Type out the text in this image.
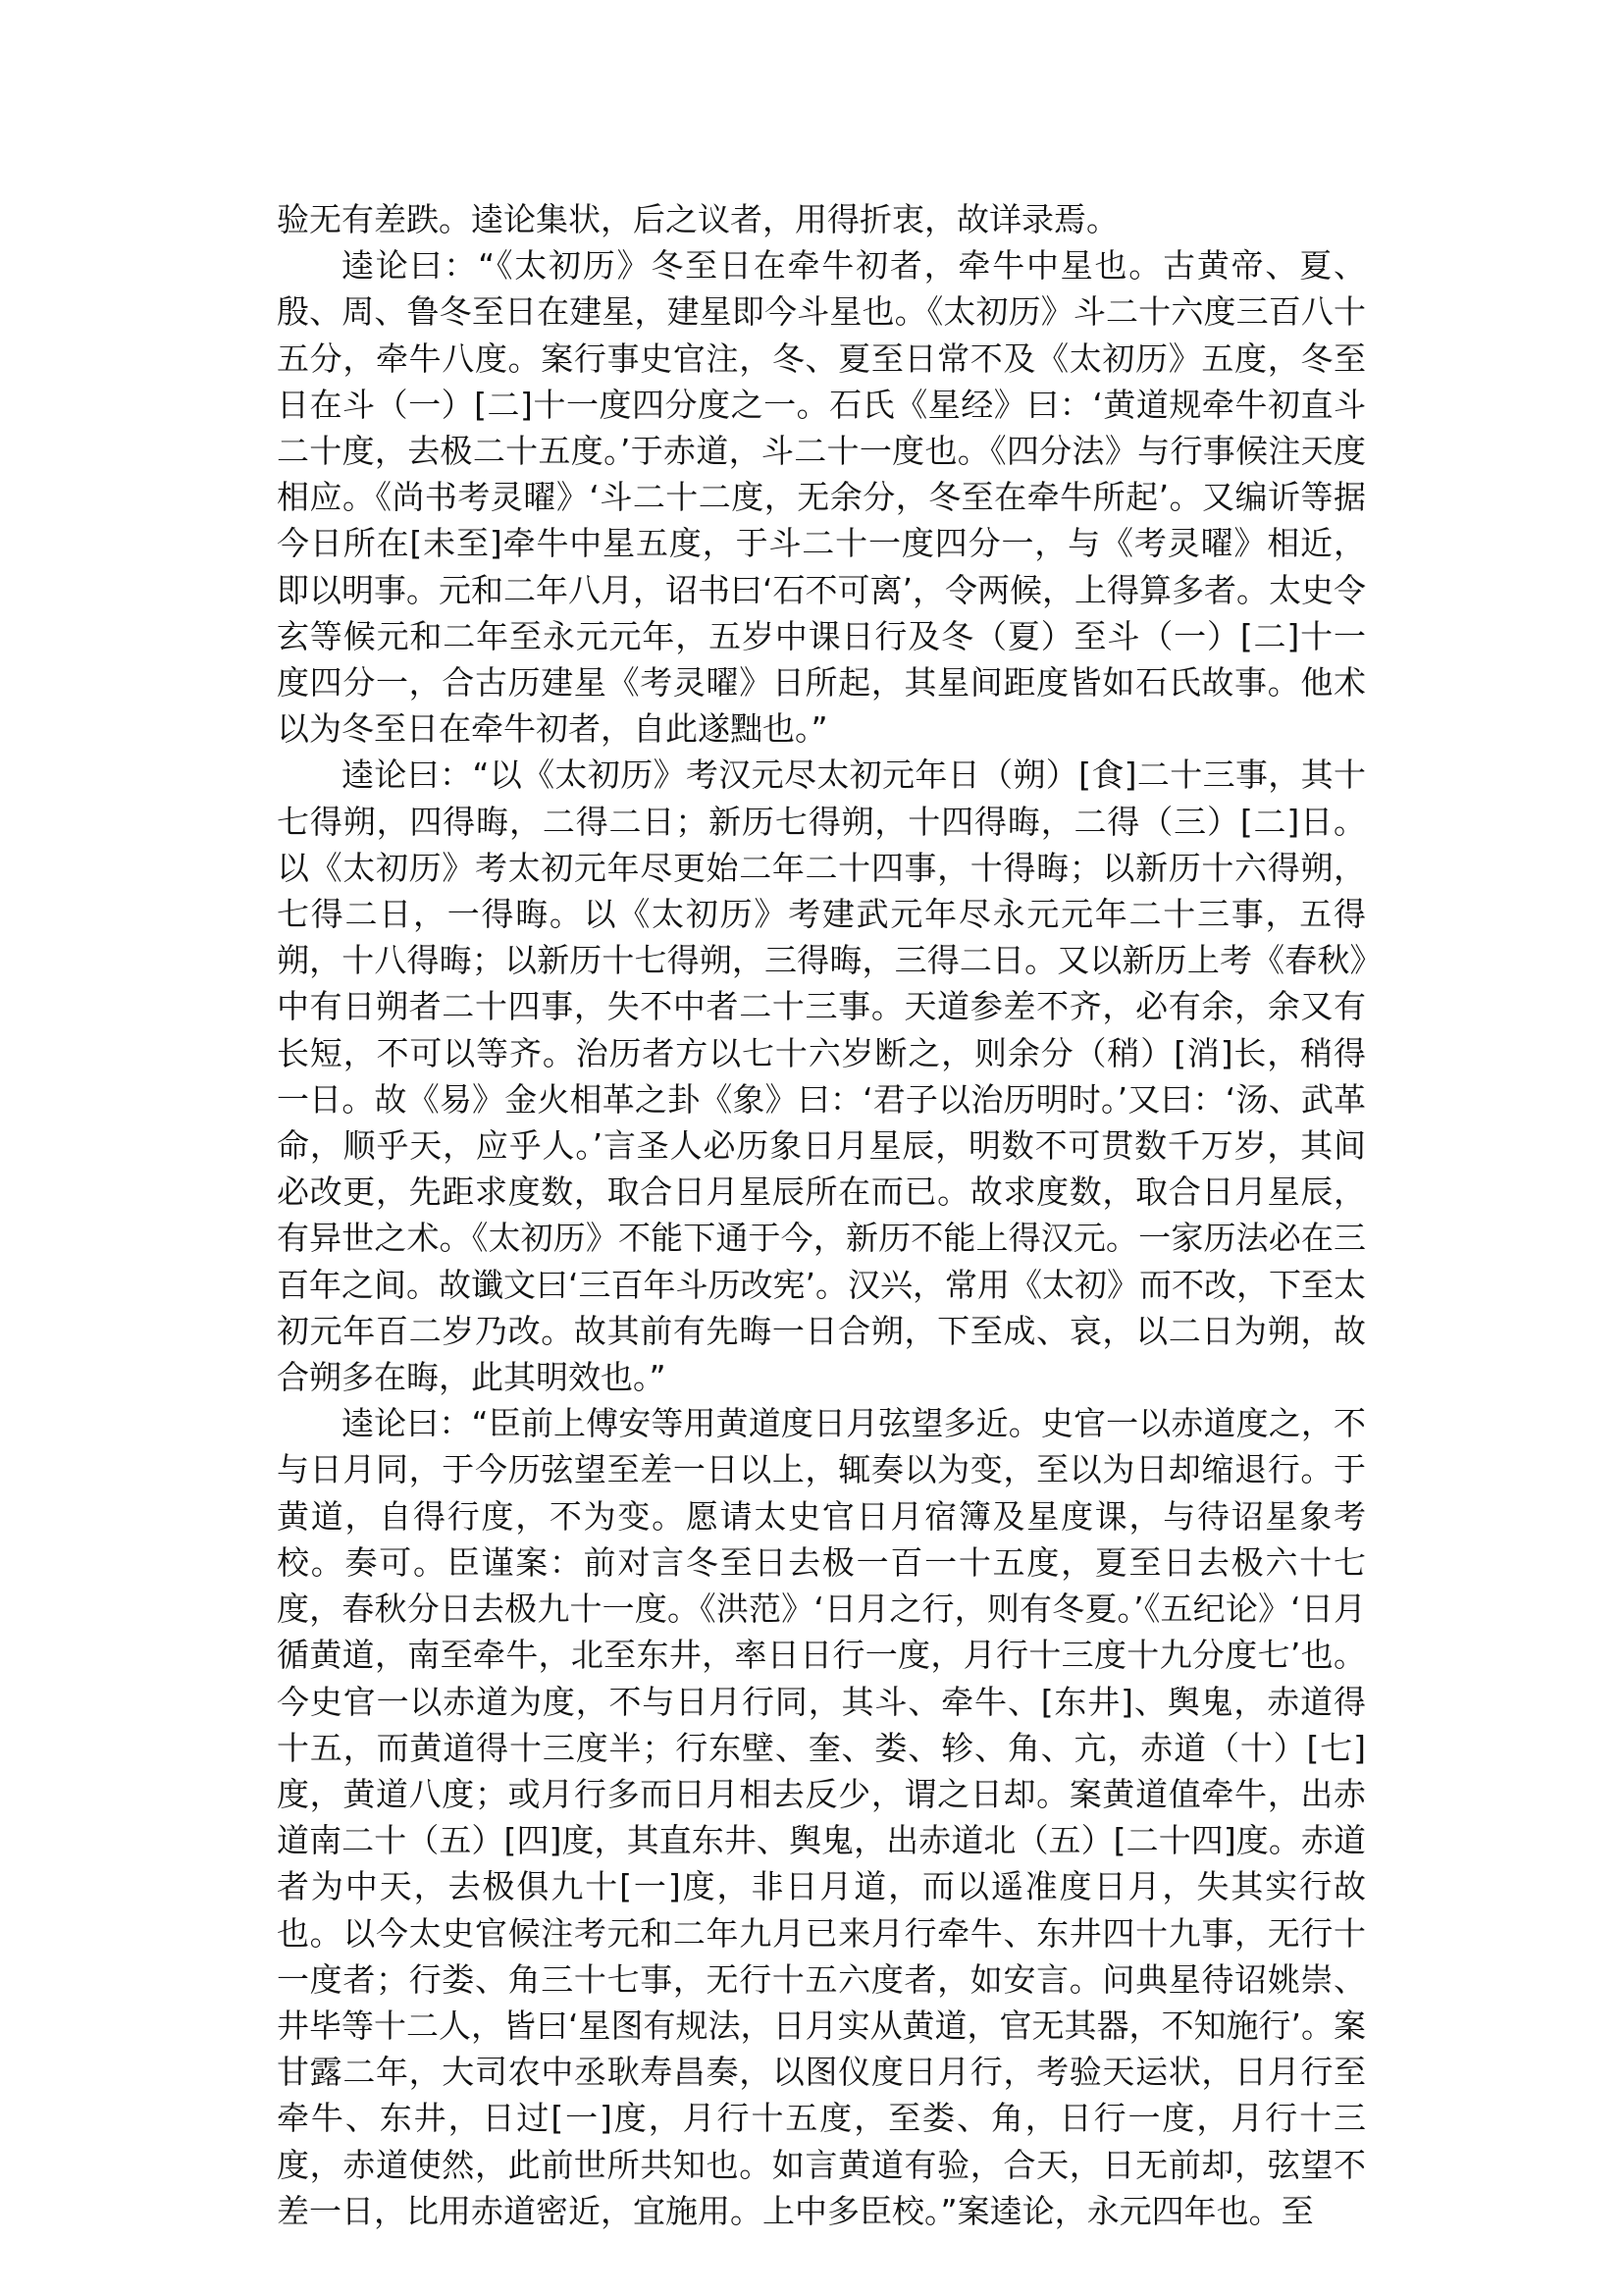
验无有差跌。逵论集状，后之议者，用得折衷，故详录焉。

逵论曰：“《太初历》冬至日在牵牛初者，牵牛中星也。古黄帝、夏、殷、周、鲁冬至日在建星，建星即今斗星也。《太初历》斗二十六度三百八十五分，牵牛八度。案行事史官注，冬、夏至日常不及《太初历》五度，冬至日在斗（一）[二]十一度四分度之一。石氏《星经》曰：‘黄道规牵牛初直斗二十度，去极二十五度。’于赤道，斗二十一度也。《四分法》与行事候注天度相应。《尚书考灵曜》‘斗二十二度，无余分，冬至在牵牛所起’。又编䜣等据今日所在[未至]牵牛中星五度，于斗二十一度四分一，与《考灵曜》相近，即以明事。元和二年八月，诏书曰‘石不可离’，令两候，上得算多者。太史令玄等候元和二年至永元元年，五岁中课日行及冬（夏）至斗（一）[二]十一度四分一，合古历建星《考灵曜》日所起，其星间距度皆如石氏故事。他术以为冬至日在牵牛初者，自此遂黜也。”

逵论曰：“以《太初历》考汉元尽太初元年日（朔）[食]二十三事，其十七得朔，四得晦，二得二日；新历七得朔，十四得晦，二得（三）[二]日。以《太初历》考太初元年尽更始二年二十四事，十得晦；以新历十六得朔，七得二日，一得晦。以《太初历》考建武元年尽永元元年二十三事，五得朔，十八得晦；以新历十七得朔，三得晦，三得二日。又以新历上考《春秋》中有日朔者二十四事，失不中者二十三事。天道参差不齐，必有余，余又有长短，不可以等齐。治历者方以七十六岁断之，则余分（稍）[消]长，稍得一日。故《易》金火相革之卦《象》曰：‘君子以治历明时。’又曰：‘汤、武革命，顺乎天，应乎人。’言圣人必历象日月星辰，明数不可贯数千万岁，其间必改更，先距求度数，取合日月星辰所在而已。故求度数，取合日月星辰，有异世之术。《太初历》不能下通于今，新历不能上得汉元。一家历法必在三百年之间。故谶文曰‘三百年斗历改宪’。汉兴，常用《太初》而不改，下至太初元年百二岁乃改。故其前有先晦一日合朔，下至成、哀，以二日为朔，故合朔多在晦，此其明效也。”

逵论曰：“臣前上傅安等用黄道度日月弦望多近。史官一以赤道度之，不与日月同，于今历弦望至差一日以上，辄奏以为变，至以为日却缩退行。于黄道，自得行度，不为变。愿请太史官日月宿簿及星度课，与待诏星象考校。奏可。臣谨案：前对言冬至日去极一百一十五度，夏至日去极六十七度，春秋分日去极九十一度。《洪范》‘日月之行，则有冬夏。’《五纪论》‘日月循黄道，南至牵牛，北至东井，率日日行一度，月行十三度十九分度七’也。今史官一以赤道为度，不与日月行同，其斗、牵牛、[东井]、舆鬼，赤道得十五，而黄道得十三度半；行东壁、奎、娄、轸、角、亢，赤道（十）[七]度，黄道八度；或月行多而日月相去反少，谓之日却。案黄道值牵牛，出赤道南二十（五）[四]度，其直东井、舆鬼，出赤道北（五）[二十四]度。赤道者为中天，去极俱九十[一]度，非日月道，而以遥准度日月，失其实行故也。以今太史官候注考元和二年九月已来月行牵牛、东井四十九事，无行十一度者；行娄、角三十七事，无行十五六度者，如安言。问典星待诏姚崇、井毕等十二人，皆曰‘星图有规法，日月实从黄道，官无其器，不知施行’。案甘露二年，大司农中丞耿寿昌奏，以图仪度日月行，考验天运状，日月行至牵牛、东井，日过[一]度，月行十五度，至娄、角，日行一度，月行十三度，赤道使然，此前世所共知也。如言黄道有验，合天，日无前却，弦望不差一日，比用赤道密近，宜施用。上中多臣校。”案逵论，永元四年也。至
